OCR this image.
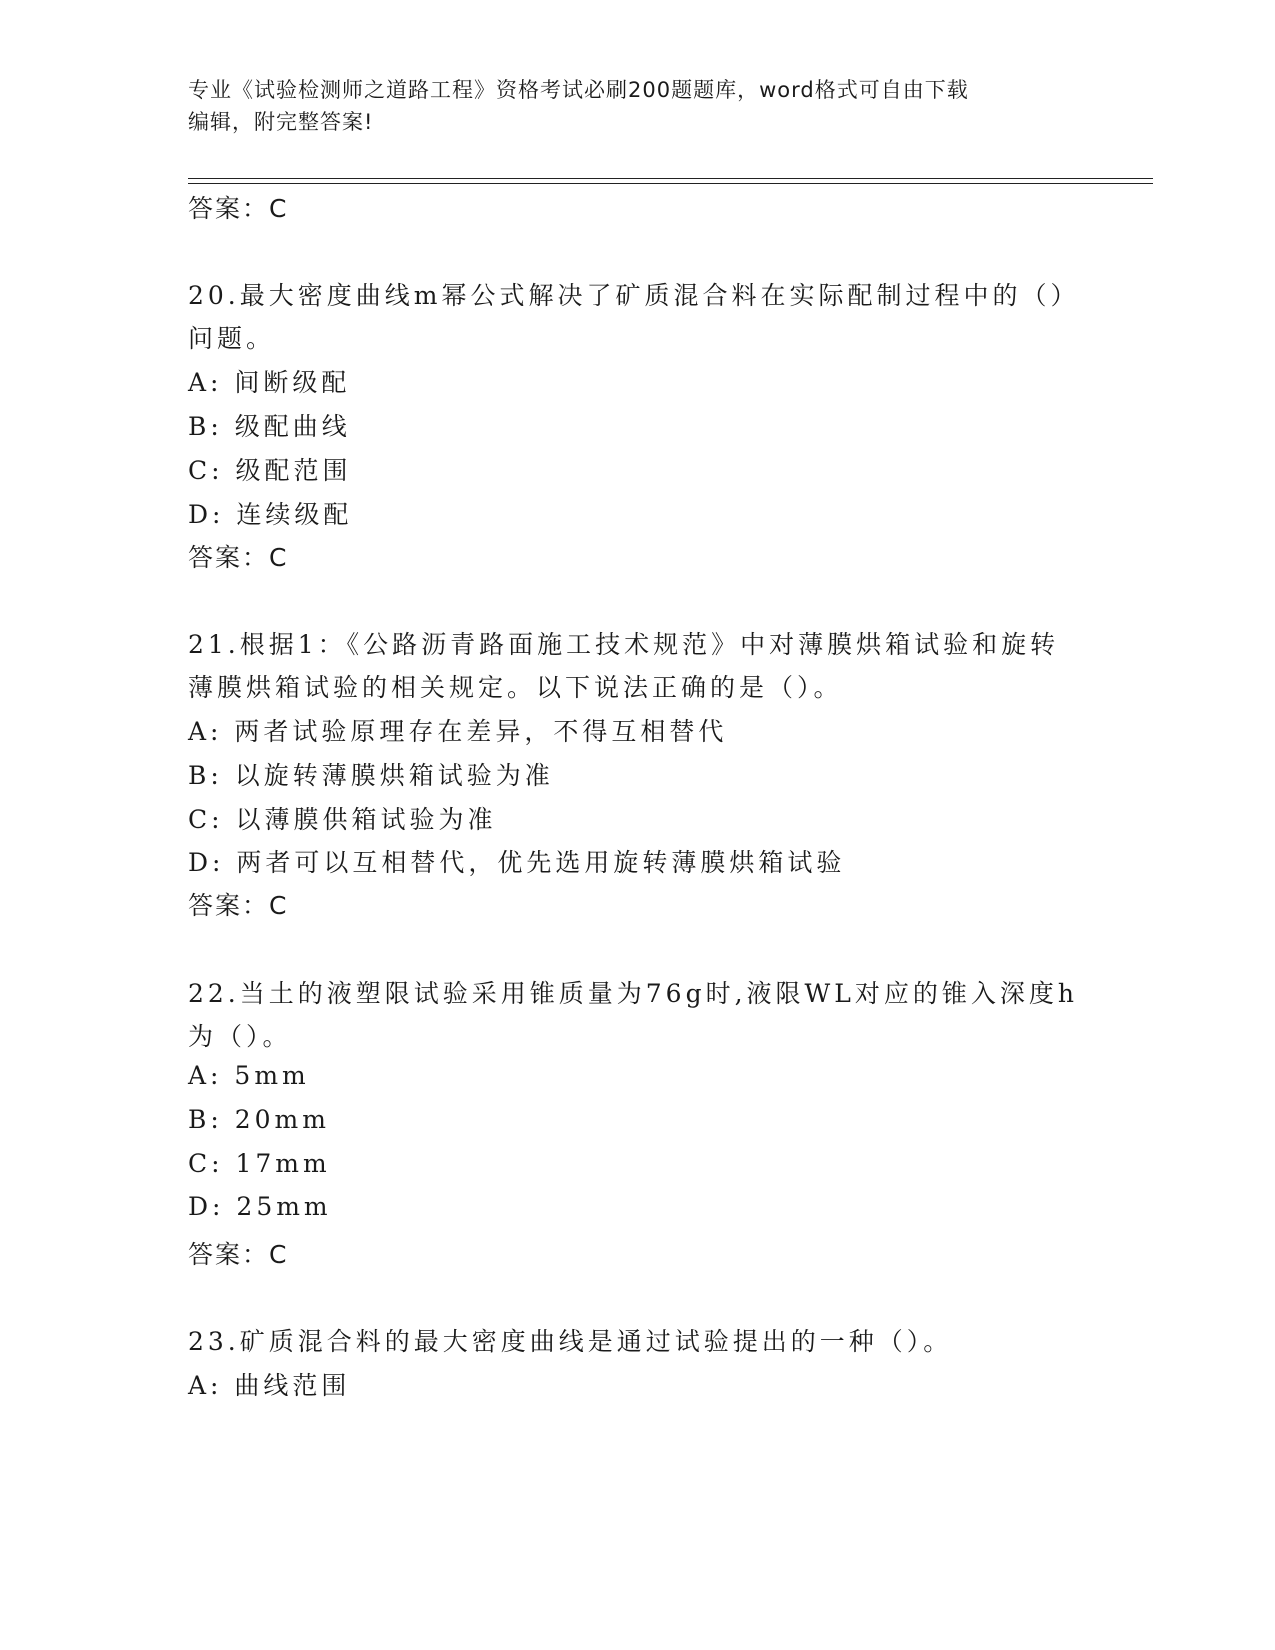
专业《试验检测师之道路工程》资格考试必刷200题题库，word格式可自由下载
编辑，附完整答案!
答案：C
20.最大密度曲线m幂公式解决了矿质混合料在实际配制过程中的（）
问题。
A: 间断级配
B: 级配曲线
C: 级配范围
D: 连续级配
答案：C
21.根据1：《公路沥青路面施工技术规范》中对薄膜烘箱试验和旋转
薄膜烘箱试验的相关规定。以下说法正确的是（）。
A: 两者试验原理存在差异，不得互相替代
B: 以旋转薄膜烘箱试验为准
C: 以薄膜供箱试验为准
D: 两者可以互相替代，优先选用旋转薄膜烘箱试验
答案：C
22.当土的液塑限试验采用锥质量为76g时,液限WL对应的锥入深度h
为（）。
A: 5mm
B: 20mm
C: 17mm
D: 25mm
答案：C
23.矿质混合料的最大密度曲线是通过试验提出的一种（）。
A: 曲线范围
